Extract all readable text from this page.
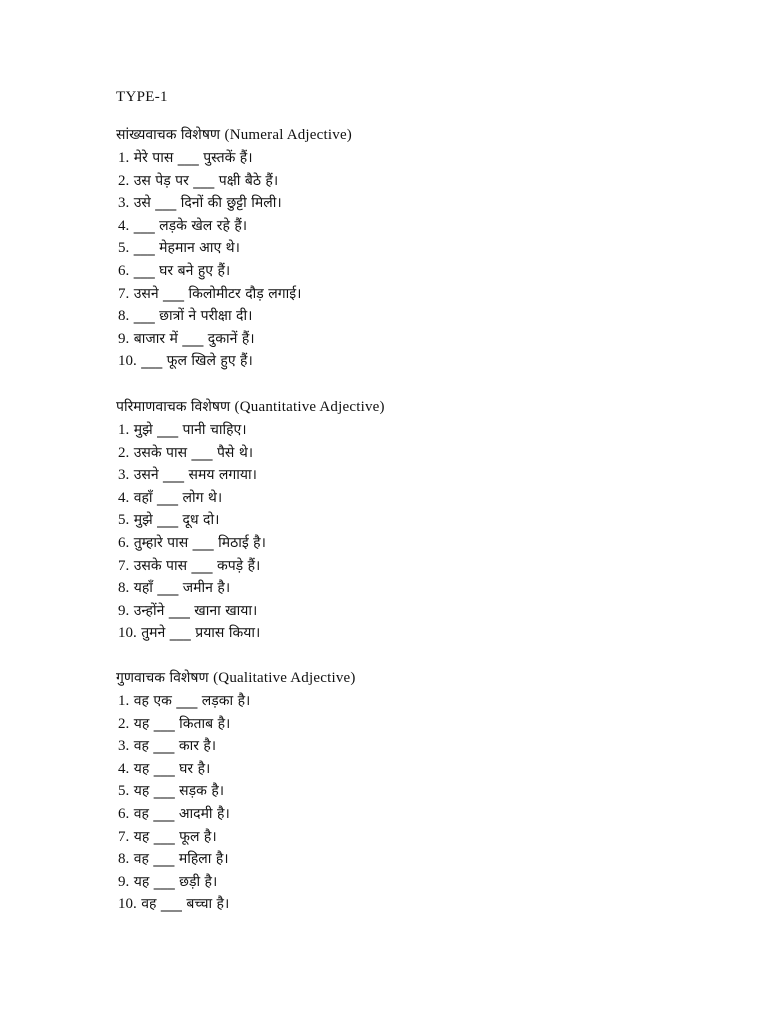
TYPE-1
सांख्यवाचक विशेषण (Numeral Adjective)
1. मेरे पास ___ पुस्तकें हैं।
2. उस पेड़ पर ___ पक्षी बैठे हैं।
3. उसे ___ दिनों की छुट्टी मिली।
4. ___ लड़के खेल रहे हैं।
5. ___ मेहमान आए थे।
6. ___ घर बने हुए हैं।
7. उसने ___ किलोमीटर दौड़ लगाई।
8. ___ छात्रों ने परीक्षा दी।
9. बाजार में ___ दुकानें हैं।
10. ___ फूल खिले हुए हैं।
परिमाणवाचक विशेषण (Quantitative Adjective)
1. मुझे ___ पानी चाहिए।
2. उसके पास ___ पैसे थे।
3. उसने ___ समय लगाया।
4. वहाँ ___ लोग थे।
5. मुझे ___ दूध दो।
6. तुम्हारे पास ___ मिठाई है।
7. उसके पास ___ कपड़े हैं।
8. यहाँ ___ जमीन है।
9. उन्होंने ___ खाना खाया।
10. तुमने ___ प्रयास किया।
गुणवाचक विशेषण (Qualitative Adjective)
1. वह एक ___ लड़का है।
2. यह ___ किताब है।
3. वह ___ कार है।
4. यह ___ घर है।
5. यह ___ सड़क है।
6. वह ___ आदमी है।
7. यह ___ फूल है।
8. वह ___ महिला है।
9. यह ___ छड़ी है।
10. वह ___ बच्चा है।
